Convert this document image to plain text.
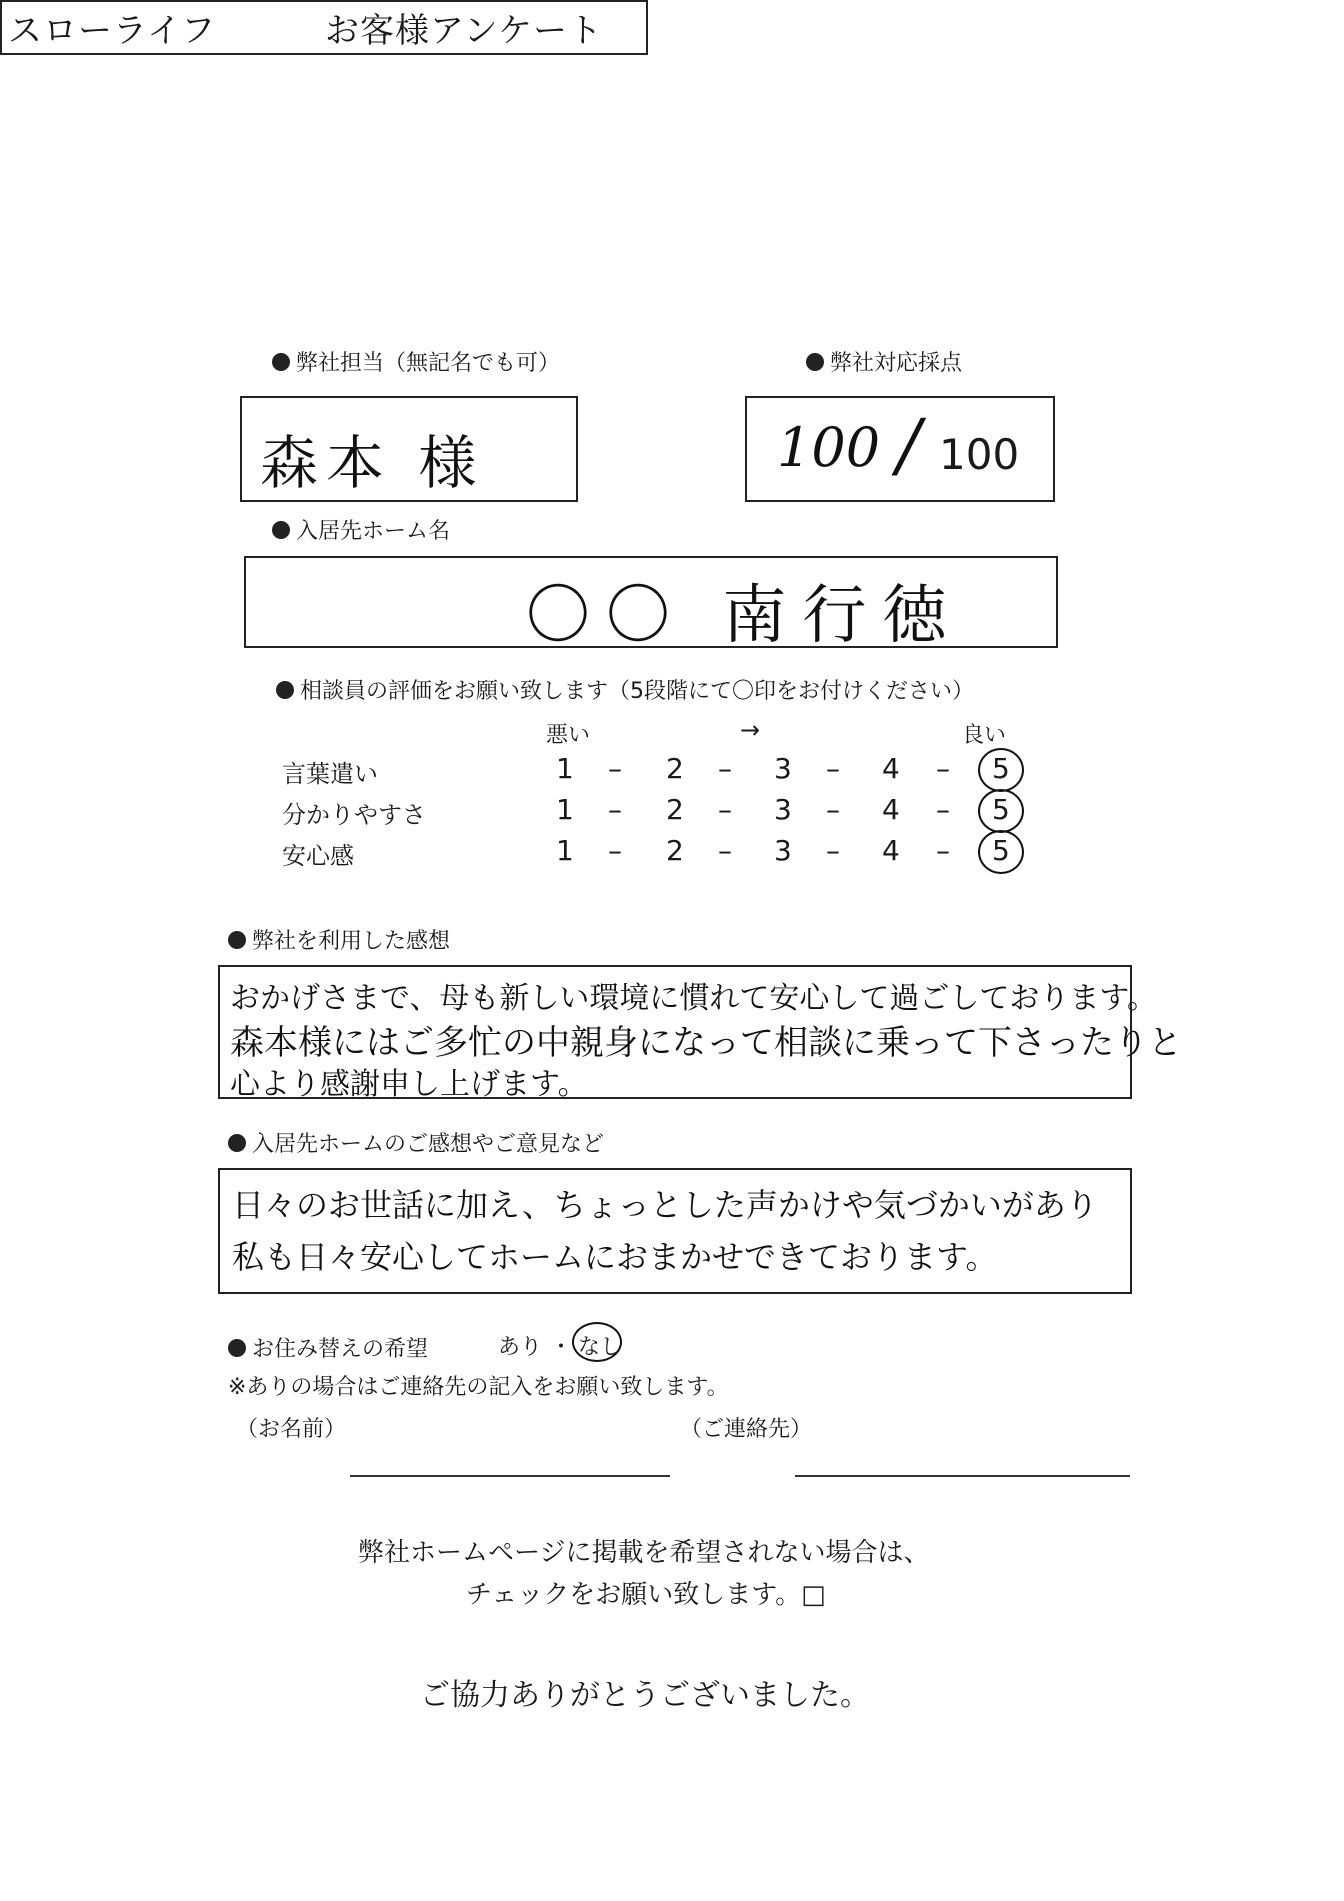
スローライフ	お客様アンケート
弊社担当（無記名でも可）	弊社対応採点
森本 様	100 / 100
入居先ホーム名
〇〇 南行徳
相談員の評価をお願い致します（5段階にて〇印をお付けください）
悪い	→	良い
言葉遣い	1 – 2 – 3 – 4 – 5
分かりやすさ	1 – 2 – 3 – 4 – 5
安心感	1 – 2 – 3 – 4 – 5
弊社を利用した感想
おかげさまで、母も新しい環境に慣れて安心して過ごしております。
森本様にはご多忙の中親身になって相談に乗って下さったりと
心より感謝申し上げます。
入居先ホームのご感想やご意見など
日々のお世話に加え、ちょっとした声かけや気づかいがあり
私も日々安心してホームにおまかせできております。
お住み替えの希望	あり ・ なし
※ありの場合はご連絡先の記入をお願い致します。
（お名前）	（ご連絡先）
弊社ホームページに掲載を希望されない場合は、
チェックをお願い致します。□
ご協力ありがとうございました。
